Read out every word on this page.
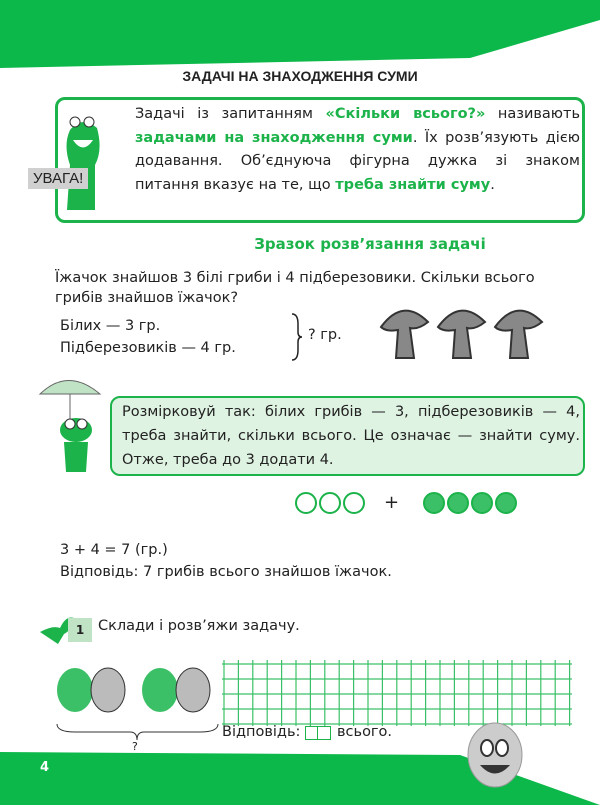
ЗАДАЧІ НА ЗНАХОДЖЕННЯ СУМИ
УВАГА!
Задачі із запитанням «Скільки всього?» називають задачами на знаходження суми. Їх розв’язують дією додавання. Об’єднуюча фігурна дужка зі знаком питання вказує на те, що треба знайти суму.
Зразок розв’язання задачі
Їжачок знайшов 3 білі гриби і 4 підберезовики. Скільки всього грибів знайшов їжачок?
Білих — 3 гр.
Підберезовиків — 4 гр.
? гр.
Розмірковуй так: білих грибів — 3, підберезовиків — 4, треба знайти, скільки всього. Це означає — знайти суму. Отже, треба до 3 додати 4.
+
3 + 4 = 7 (гр.)
Відповідь: 7 грибів всього знайшов їжачок.
1 Склади і розв’яжи задачу.
?
Відповідь:	всього.
4
